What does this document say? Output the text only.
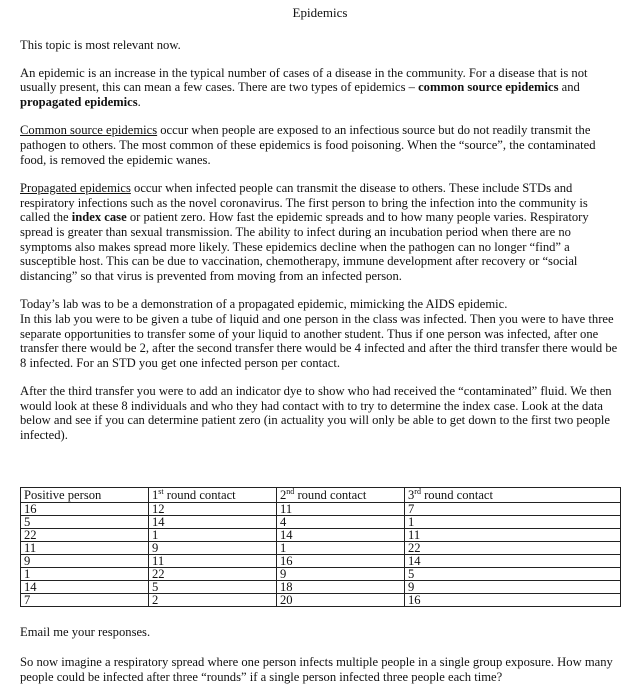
Epidemics

This topic is most relevant now.

An epidemic is an increase in the typical number of cases of a disease in the community. For a disease that is not usually present, this can mean a few cases. There are two types of epidemics – common source epidemics and propagated epidemics.

Common source epidemics occur when people are exposed to an infectious source but do not readily transmit the pathogen to others. The most common of these epidemics is food poisoning. When the “source”, the contaminated food, is removed the epidemic wanes.

Propagated epidemics occur when infected people can transmit the disease to others. These include STDs and respiratory infections such as the novel coronavirus. The first person to bring the infection into the community is called the index case or patient zero. How fast the epidemic spreads and to how many people varies. Respiratory spread is greater than sexual transmission. The ability to infect during an incubation period when there are no symptoms also makes spread more likely. These epidemics decline when the pathogen can no longer “find” a susceptible host. This can be due to vaccination, chemotherapy, immune development after recovery or “social distancing” so that virus is prevented from moving from an infected person.

Today’s lab was to be a demonstration of a propagated epidemic, mimicking the AIDS epidemic.

In this lab you were to be given a tube of liquid and one person in the class was infected. Then you were to have three separate opportunities to transfer some of your liquid to another student. Thus if one person was infected, after one transfer there would be 2, after the second transfer there would be 4 infected and after the third transfer there would be 8 infected. For an STD you get one infected person per contact.

After the third transfer you were to add an indicator dye to show who had received the “contaminated” fluid. We then would look at these 8 individuals and who they had contact with to try to determine the index case. Look at the data below and see if you can determine patient zero (in actuality you will only be able to get down to the first two people infected).

Positive person	1st round contact	2nd round contact	3rd round contact
16	12	11	7
5	14	4	1
22	1	14	11
11	9	1	22
9	11	16	14
1	22	9	5
14	5	18	9
7	2	20	16

Email me your responses.

So now imagine a respiratory spread where one person infects multiple people in a single group exposure. How many people could be infected after three “rounds” if a single person infected three people each time?
